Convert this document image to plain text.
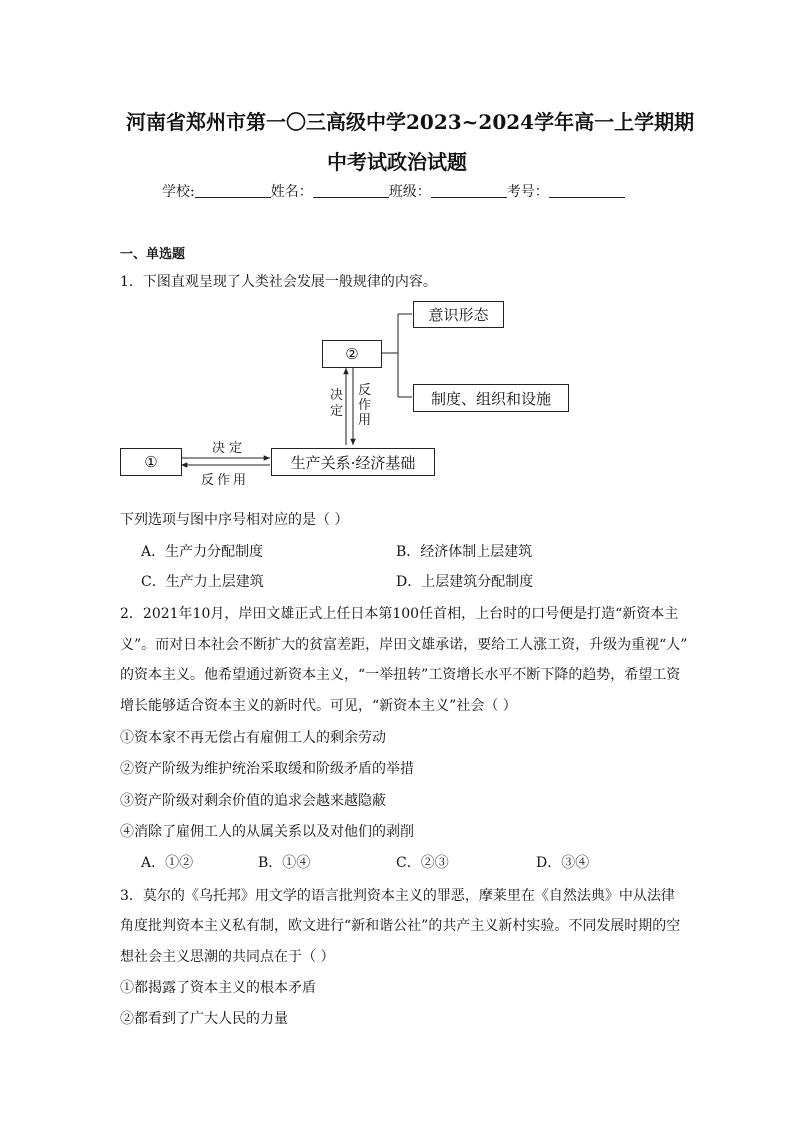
河南省郑州市第一〇三高级中学2023~2024学年高一上学期期
中考试政治试题
学校:	姓名：	班级：	考号：
一、单选题
1．下图直观呈现了人类社会发展一般规律的内容。
意识形态
②
制度、组织和设施
①	生产关系·经济基础
决定
反作用
决定
反作用
下列选项与图中序号相对应的是（ ）
A．生产力分配制度	B．经济体制上层建筑
C．生产力上层建筑	D．上层建筑分配制度
2．2021年10月，岸田文雄正式上任日本第100任首相，上台时的口号便是打造“新资本主
义”。而对日本社会不断扩大的贫富差距，岸田文雄承诺，要给工人涨工资，升级为重视“人”
的资本主义。他希望通过新资本主义，“一举扭转”工资增长水平不断下降的趋势，希望工资
增长能够适合资本主义的新时代。可见，“新资本主义”社会（ ）
①资本家不再无偿占有雇佣工人的剩余劳动
②资产阶级为维护统治采取缓和阶级矛盾的举措
③资产阶级对剩余价值的追求会越来越隐蔽
④消除了雇佣工人的从属关系以及对他们的剥削
A．①②	B．①④	C．②③	D．③④
3．莫尔的《乌托邦》用文学的语言批判资本主义的罪恶，摩莱里在《自然法典》中从法律
角度批判资本主义私有制，欧文进行“新和谐公社”的共产主义新村实验。不同发展时期的空
想社会主义思潮的共同点在于（ ）
①都揭露了资本主义的根本矛盾
②都看到了广大人民的力量
